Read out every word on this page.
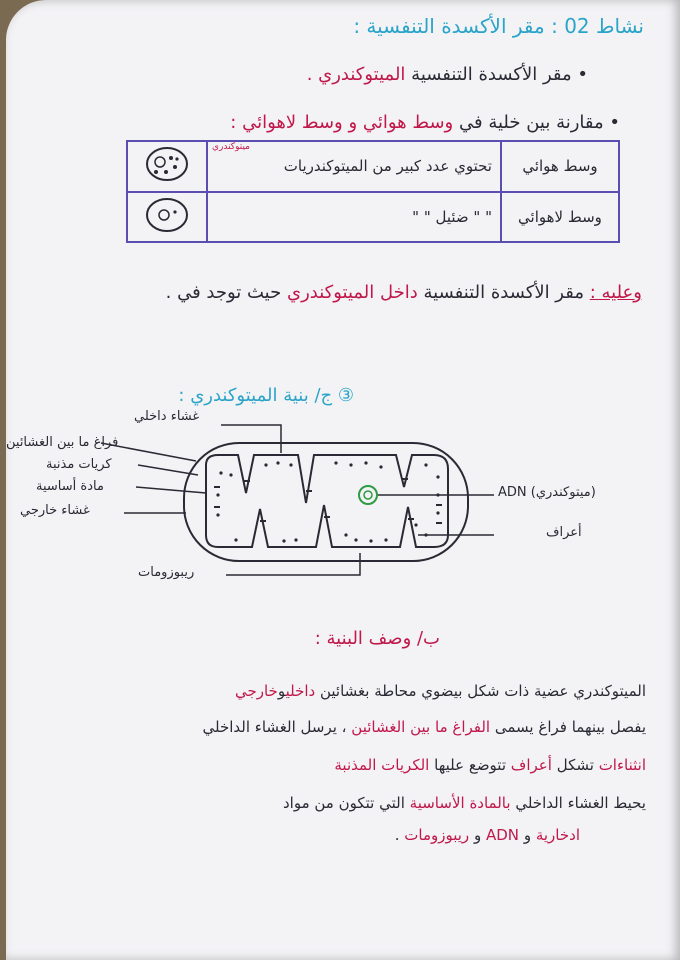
نشاط 02 : مقر الأكسدة التنفسية :
• مقر الأكسدة التنفسية الميتوكندري .
• مقارنة بين خلية في وسط هوائي و وسط لاهوائي :
وسط هوائي	تحتوي عدد كبير من الميتوكندريات	
وسط لاهوائي	" " ضئيل " "	
ميتوكندري
وعليه : مقر الأكسدة التنفسية داخل الميتوكندري حيث توجد في .
③ ج/ بنية الميتوكندري :
غشاء داخلي
فراغ ما بين الغشائين
كريات مذنبة
مادة أساسية
غشاء خارجي
ADN (ميتوكندري)
أعراف
ريبوزومات
ب/ وصف البنية :
الميتوكندري عضية ذات شكل بيضوي محاطة بغشائين داخليوخارجي
يفصل بينهما فراغ يسمى الفراغ ما بين الغشائين ، يرسل الغشاء الداخلي
انثناءات تشكل أعراف تتوضع عليها الكريات المذنبة
يحيط الغشاء الداخلي بالمادة الأساسية التي تتكون من مواد
ادخارية و ADN و ريبوزومات .
